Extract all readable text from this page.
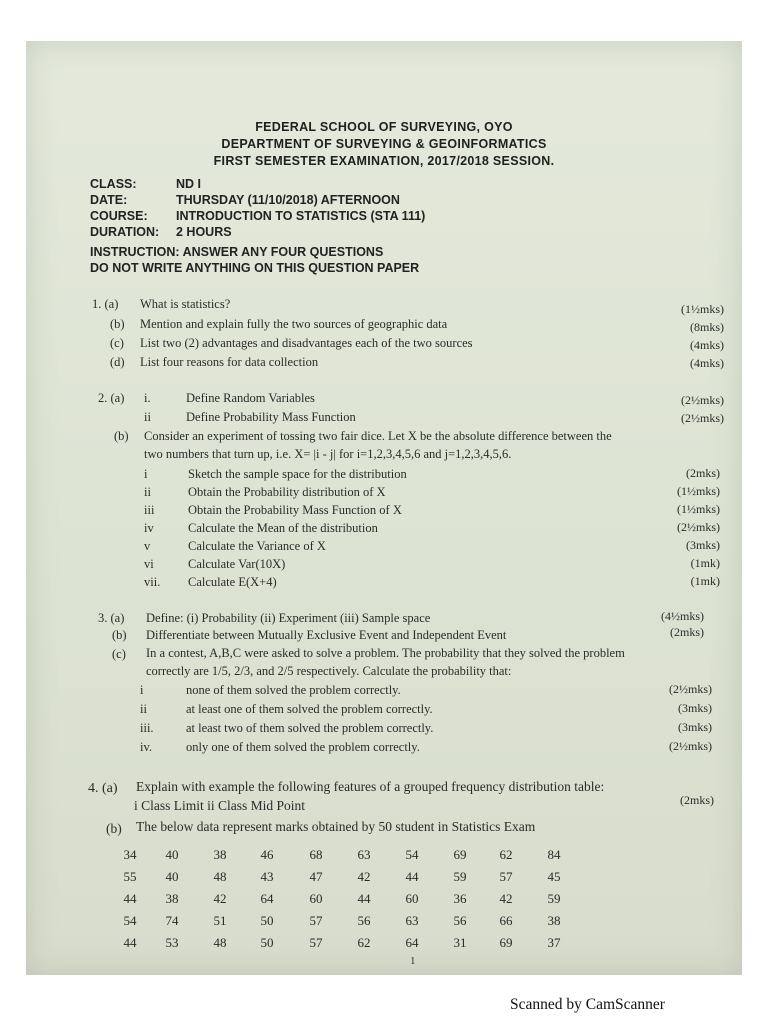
FEDERAL SCHOOL OF SURVEYING, OYO
DEPARTMENT OF SURVEYING & GEOINFORMATICS
FIRST SEMESTER EXAMINATION, 2017/2018 SESSION.
CLASS:	ND I
DATE:	THURSDAY (11/10/2018) AFTERNOON
COURSE: INTRODUCTION TO STATISTICS (STA 111)
DURATION: 2 HOURS
INSTRUCTION: ANSWER ANY FOUR QUESTIONS
DO NOT WRITE ANYTHING ON THIS QUESTION PAPER
1. (a) What is statistics?	(1½mks)
(b) Mention and explain fully the two sources of geographic data	(8mks)
(c) List two (2) advantages and disadvantages each of the two sources	(4mks)
(d) List four reasons for data collection	(4mks)
2. (a) i.	Define Random Variables	(2½mks)
ii	Define Probability Mass Function	(2½mks)
(b) Consider an experiment of tossing two fair dice. Let X be the absolute difference between the
two numbers that turn up, i.e. X= |i - j| for i=1,2,3,4,5,6 and j=1,2,3,4,5,6.
i	Sketch the sample space for the distribution	(2mks)
ii	Obtain the Probability distribution of X	(1½mks)
iii	Obtain the Probability Mass Function of X	(1½mks)
iv	Calculate the Mean of the distribution	(2½mks)
v	Calculate the Variance of X	(3mks)
vi	Calculate Var(10X)	(1mk)
vii. Calculate E(X+4)	(1mk)
3. (a) Define: (i) Probability (ii) Experiment (iii) Sample space	(4½mks)
(b) Differentiate between Mutually Exclusive Event and Independent Event	(2mks)
(c) In a contest, A,B,C were asked to solve a problem. The probability that they solved the problem
correctly are 1/5, 2/3, and 2/5 respectively. Calculate the probability that:
i	none of them solved the problem correctly.	(2½mks)
ii	at least one of them solved the problem correctly.	(3mks)
iii.	at least two of them solved the problem correctly.	(3mks)
iv.	only one of them solved the problem correctly.	(2½mks)
4. (a) Explain with example the following features of a grouped frequency distribution table:
i Class Limit ii Class Mid Point	(2mks)
(b) The below data represent marks obtained by 50 student in Statistics Exam
34	40	38	46	68	63	54	69	62	84
55	40	48	43	47	42	44	59	57	45
44	38	42	64	60	44	60	36	42	59
54	74	51	50	57	56	63	56	66	38
44	53	48	50	57	62	64	31	69	37
1
Scanned by CamScanner
